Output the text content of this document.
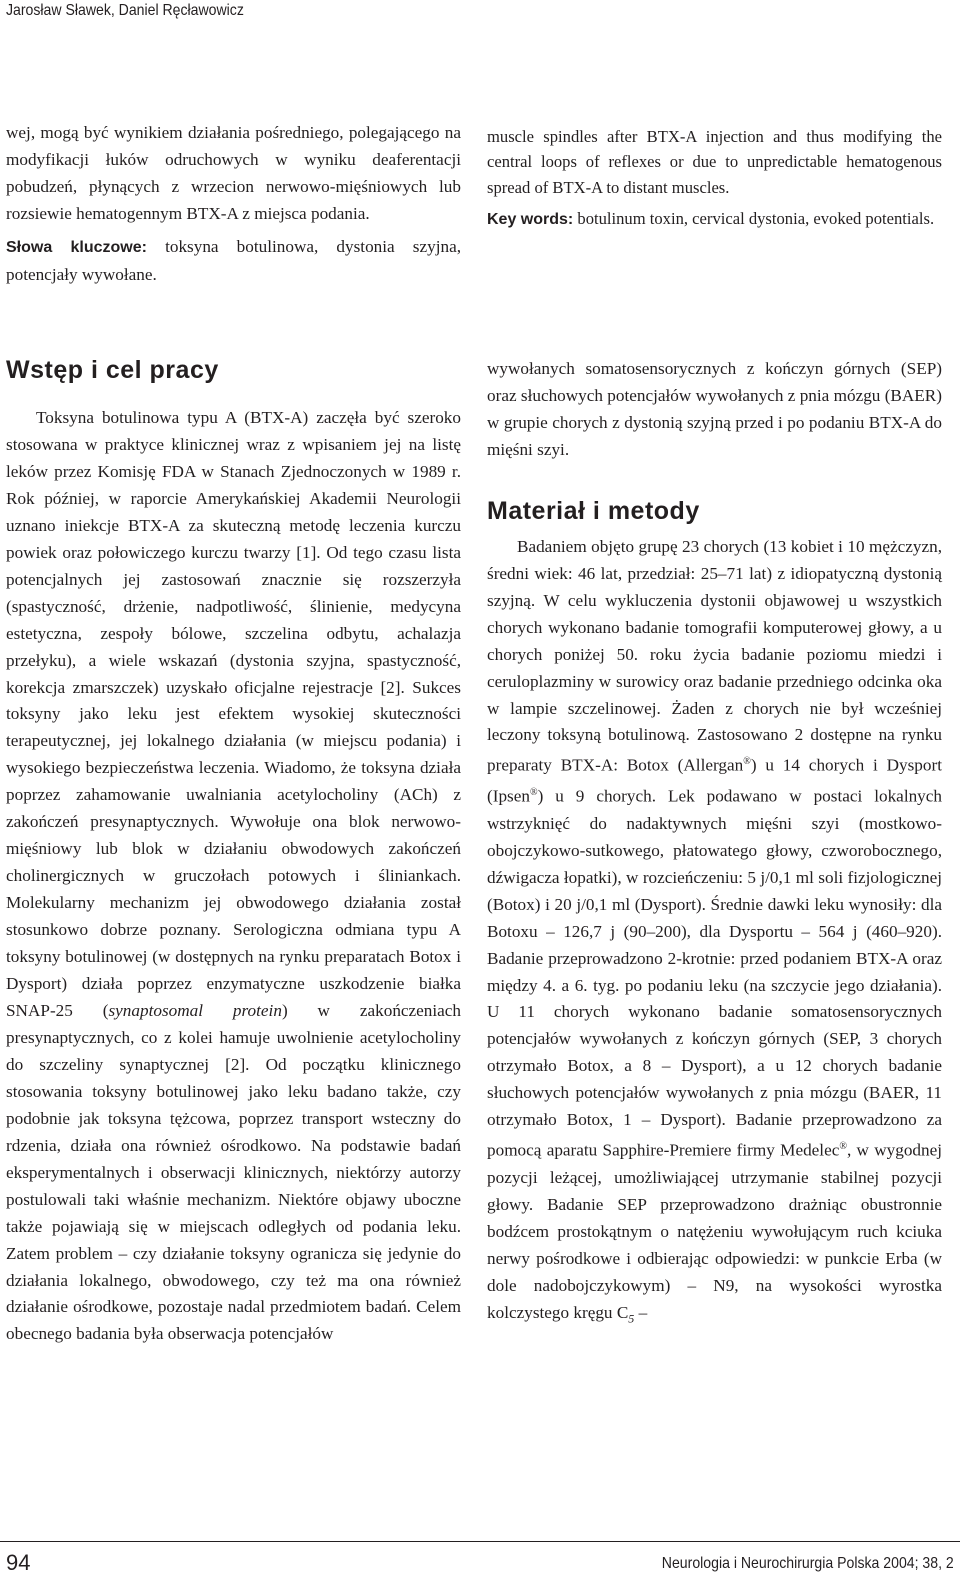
Jarosław Sławek, Daniel Ręcławowicz

wej, mogą być wynikiem działania pośredniego, polegającego na modyfikacji łuków odruchowych w wyniku deaferentacji pobudzeń, płynących z wrzecion nerwowo-mięśniowych lub rozsiewie hematogennym BTX-A z miejsca podania.

Słowa kluczowe: toksyna botulinowa, dystonia szyjna, potencjały wywołane.

muscle spindles after BTX-A injection and thus modifying the central loops of reflexes or due to unpredictable hematogenous spread of BTX-A to distant muscles.

Key words: botulinum toxin, cervical dystonia, evoked potentials.

Wstęp i cel pracy

Toksyna botulinowa typu A (BTX-A) zaczęła być szeroko stosowana w praktyce klinicznej wraz z wpisaniem jej na listę leków przez Komisję FDA w Stanach Zjednoczonych w 1989 r. Rok później, w raporcie Amerykańskiej Akademii Neurologii uznano iniekcje BTX-A za skuteczną metodę leczenia kurczu powiek oraz połowiczego kurczu twarzy [1]. Od tego czasu lista potencjalnych jej zastosowań znacznie się rozszerzyła (spastyczność, drżenie, nadpotliwość, ślinienie, medycyna estetyczna, zespoły bólowe, szczelina odbytu, achalazja przełyku), a wiele wskazań (dystonia szyjna, spastyczność, korekcja zmarszczek) uzyskało oficjalne rejestracje [2]. Sukces toksyny jako leku jest efektem wysokiej skuteczności terapeutycznej, jej lokalnego działania (w miejscu podania) i wysokiego bezpieczeństwa leczenia. Wiadomo, że toksyna działa poprzez zahamowanie uwalniania acetylocholiny (ACh) z zakończeń presynaptycznych. Wywołuje ona blok nerwowo-mięśniowy lub blok w działaniu obwodowych zakończeń cholinergicznych w gruczołach potowych i śliniankach. Molekularny mechanizm jej obwodowego działania został stosunkowo dobrze poznany. Serologiczna odmiana typu A toksyny botulinowej (w dostępnych na rynku preparatach Botox i Dysport) działa poprzez enzymatyczne uszkodzenie białka SNAP-25 (synaptosomal protein) w zakończeniach presynaptycznych, co z kolei hamuje uwolnienie acetylocholiny do szczeliny synaptycznej [2]. Od początku klinicznego stosowania toksyny botulinowej jako leku badano także, czy podobnie jak toksyna tężcowa, poprzez transport wsteczny do rdzenia, działa ona również ośrodkowo. Na podstawie badań eksperymentalnych i obserwacji klinicznych, niektórzy autorzy postulowali taki właśnie mechanizm. Niektóre objawy uboczne także pojawiają się w miejscach odległych od podania leku. Zatem problem – czy działanie toksyny ogranicza się jedynie do działania lokalnego, obwodowego, czy też ma ona również działanie ośrodkowe, pozostaje nadal przedmiotem badań. Celem obecnego badania była obserwacja potencjałów

wywołanych somatosensorycznych z kończyn górnych (SEP) oraz słuchowych potencjałów wywołanych z pnia mózgu (BAER) w grupie chorych z dystonią szyjną przed i po podaniu BTX-A do mięśni szyi.

Badaniem objęto grupę 23 chorych (13 kobiet i 10 mężczyzn, średni wiek: 46 lat, przedział: 25–71 lat) z idiopatyczną dystonią szyjną. W celu wykluczenia dystonii objawowej u wszystkich chorych wykonano badanie tomografii komputerowej głowy, a u chorych poniżej 50. roku życia badanie poziomu miedzi i ceruloplazminy w surowicy oraz badanie przedniego odcinka oka w lampie szczelinowej. Żaden z chorych nie był wcześniej leczony toksyną botulinową. Zastosowano 2 dostępne na rynku preparaty BTX-A: Botox (Allergan®) u 14 chorych i Dysport (Ipsen®) u 9 chorych. Lek podawano w postaci lokalnych wstrzyknięć do nadaktywnych mięśni szyi (mostkowo-obojczykowo-sutkowego, płatowatego głowy, czworobocznego, dźwigacza łopatki), w rozcieńczeniu: 5 j/0,1 ml soli fizjologicznej (Botox) i 20 j/0,1 ml (Dysport). Średnie dawki leku wynosiły: dla Botoxu – 126,7 j (90–200), dla Dysportu – 564 j (460–920). Badanie przeprowadzono 2-krotnie: przed podaniem BTX-A oraz między 4. a 6. tyg. po podaniu leku (na szczycie jego działania). U 11 chorych wykonano badanie somatosensorycznych potencjałów wywołanych z kończyn górnych (SEP, 3 chorych otrzymało Botox, a 8 – Dysport), a u 12 chorych badanie słuchowych potencjałów wywołanych z pnia mózgu (BAER, 11 otrzymało Botox, 1 – Dysport). Badanie przeprowadzono za pomocą aparatu Sapphire-Premiere firmy Medelec®, w wygodnej pozycji leżącej, umożliwiającej utrzymanie stabilnej pozycji głowy. Badanie SEP przeprowadzono drażniąc obustronnie bodźcem prostokątnym o natężeniu wywołującym ruch kciuka nerwy pośrodkowe i odbierając odpowiedzi: w punkcie Erba (w dole nadobojczykowym) – N9, na wysokości wyrostka kolczystego kręgu $C_5$ –

Materiał i metody
94	Neurologia i Neurochirurgia Polska 2004; 38, 2
